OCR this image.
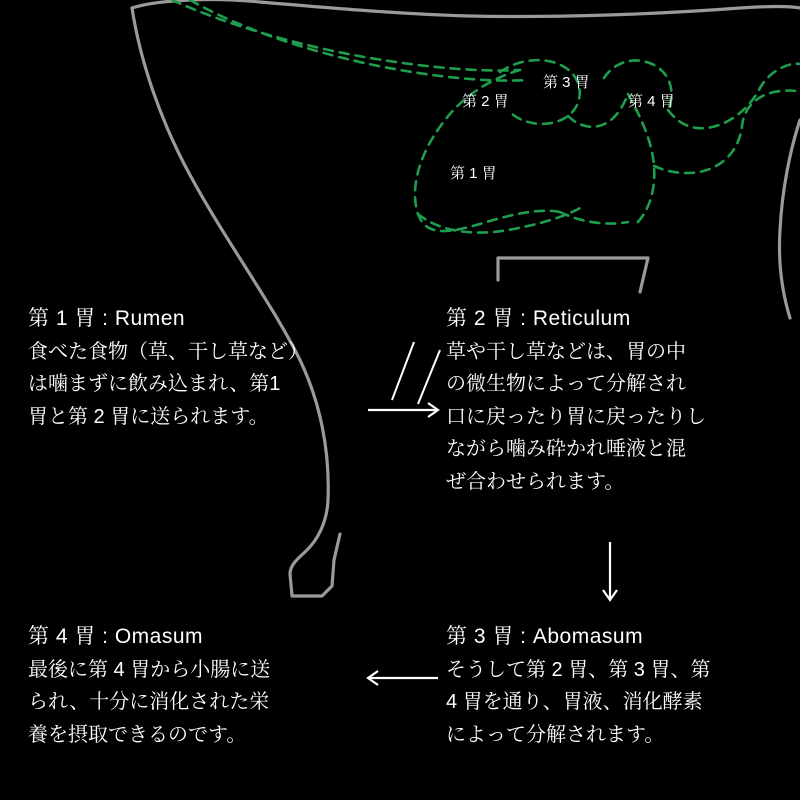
第 1 胃
第 2 胃
第 3 胃
第 4 胃
第 1 胃 : Rumen
食べた食物（草、干し草など）
は噛まずに飲み込まれ、第1
胃と第 2 胃に送られます。
第 2 胃 : Reticulum
草や干し草などは、胃の中
の微生物によって分解され
口に戻ったり胃に戻ったりし
ながら噛み砕かれ唾液と混
ぜ合わせられます。
第 3 胃 : Abomasum
そうして第 2 胃、第 3 胃、第
4 胃を通り、胃液、消化酵素
によって分解されます。
第 4 胃 : Omasum
最後に第 4 胃から小腸に送
られ、十分に消化された栄
養を摂取できるのです。
